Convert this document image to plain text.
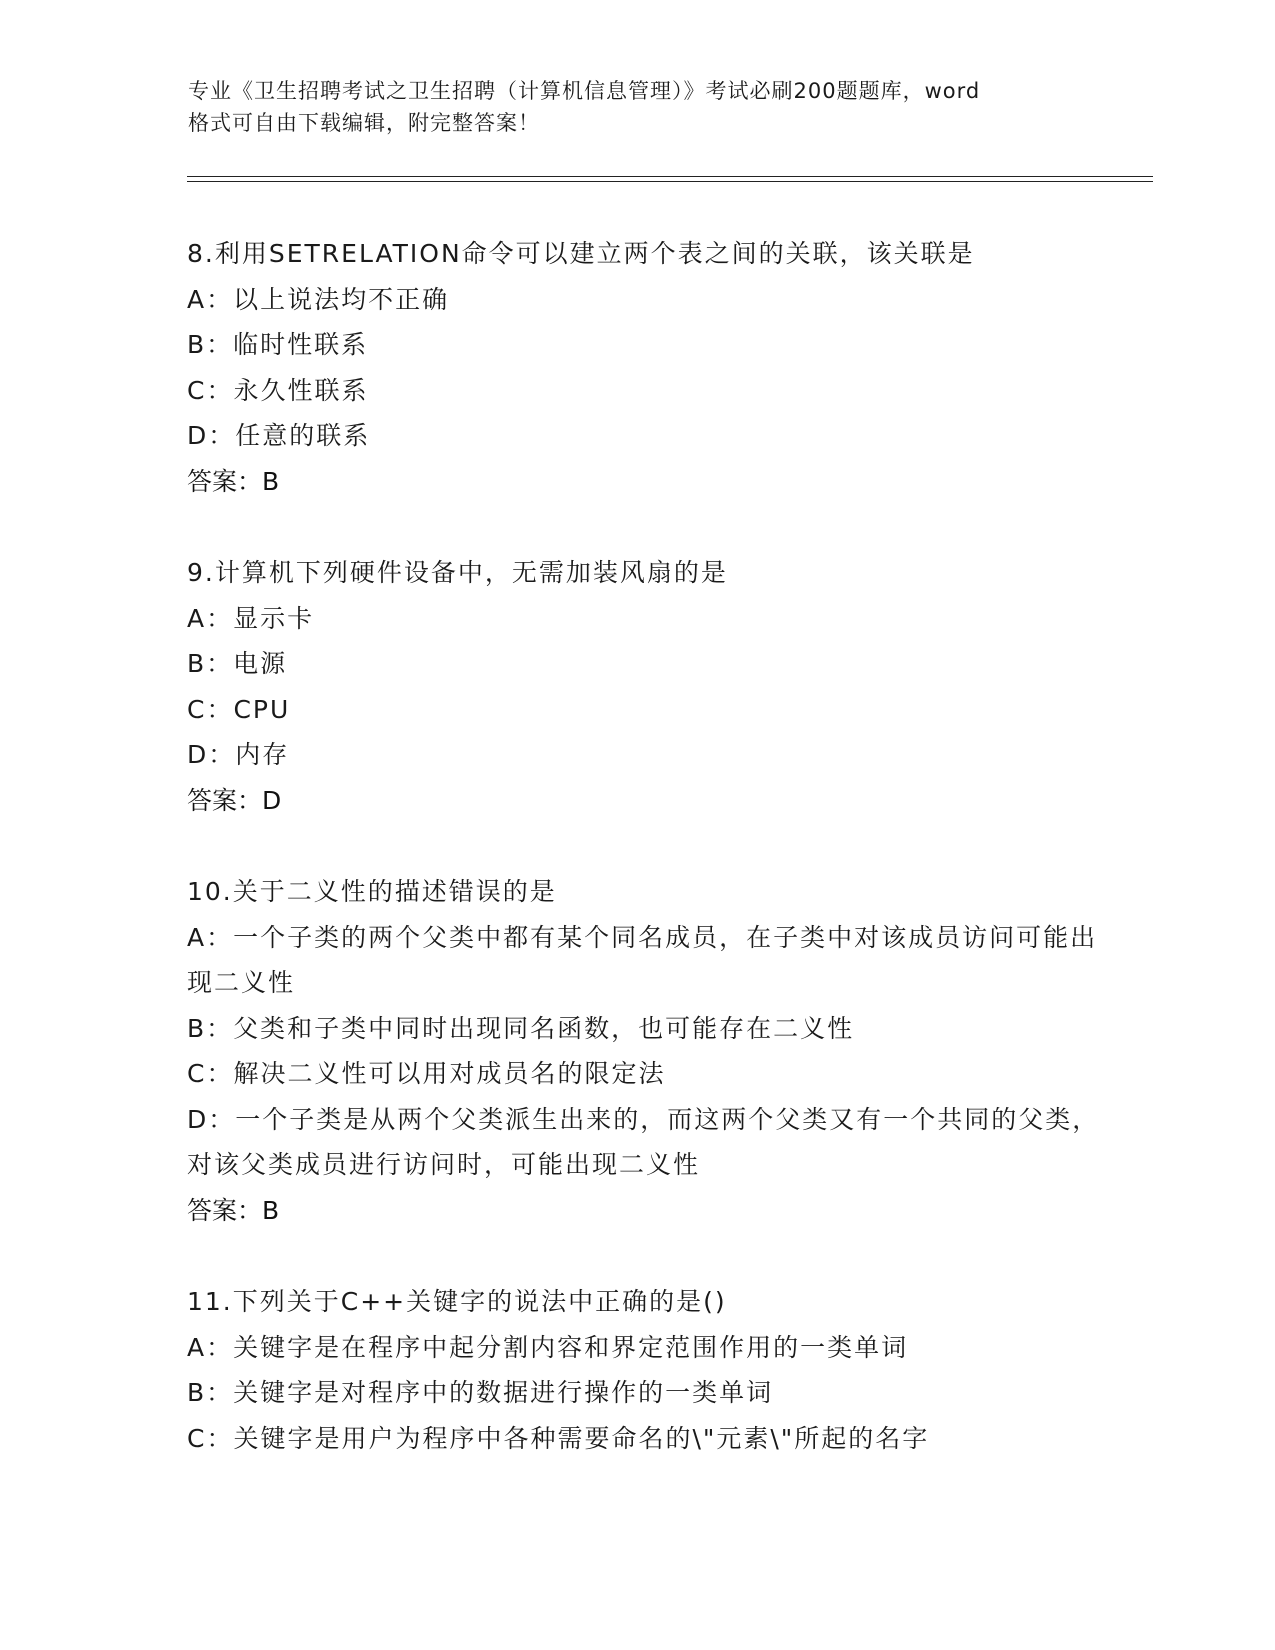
专业《卫生招聘考试之卫生招聘（计算机信息管理）》考试必刷200题题库，word
格式可自由下载编辑，附完整答案！
8.利用SETRELATION命令可以建立两个表之间的关联，该关联是
A：以上说法均不正确
B：临时性联系
C：永久性联系
D：任意的联系
答案：B
9.计算机下列硬件设备中，无需加装风扇的是
A：显示卡
B：电源
C：CPU
D：内存
答案：D
10.关于二义性的描述错误的是
A：一个子类的两个父类中都有某个同名成员，在子类中对该成员访问可能出现二义性
B：父类和子类中同时出现同名函数，也可能存在二义性
C：解决二义性可以用对成员名的限定法
D：一个子类是从两个父类派生出来的，而这两个父类又有一个共同的父类，对该父类成员进行访问时，可能出现二义性
答案：B
11.下列关于C++关键字的说法中正确的是()
A：关键字是在程序中起分割内容和界定范围作用的一类单词
B：关键字是对程序中的数据进行操作的一类单词
C：关键字是用户为程序中各种需要命名的\"元素\"所起的名字
